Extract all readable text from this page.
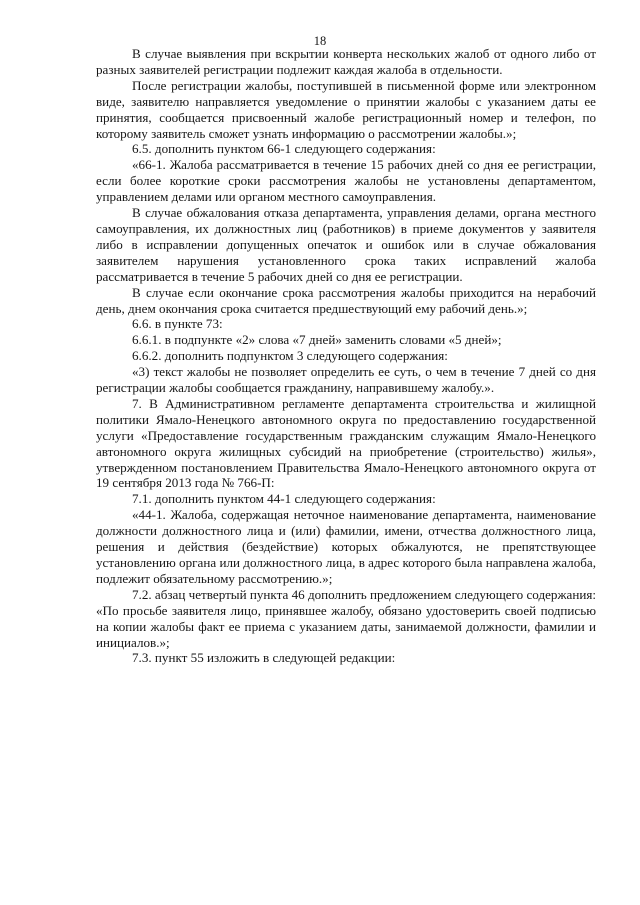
18

В случае выявления при вскрытии конверта нескольких жалоб от одного либо от разных заявителей регистрации подлежит каждая жалоба в отдельности.

После регистрации жалобы, поступившей в письменной форме или электронном виде, заявителю направляется уведомление о принятии жалобы с указанием даты ее принятия, сообщается присвоенный жалобе регистрационный номер и телефон, по которому заявитель сможет узнать информацию о рассмотрении жалобы.»;

6.5. дополнить пунктом 66-1 следующего содержания:

«66-1. Жалоба рассматривается в течение 15 рабочих дней со дня ее регистрации, если более короткие сроки рассмотрения жалобы не установлены департаментом, управлением делами или органом местного самоуправления.

В случае обжалования отказа департамента, управления делами, органа местного самоуправления, их должностных лиц (работников) в приеме документов у заявителя либо в исправлении допущенных опечаток и ошибок или в случае обжалования заявителем нарушения установленного срока таких исправлений жалоба рассматривается в течение 5 рабочих дней со дня ее регистрации.

В случае если окончание срока рассмотрения жалобы приходится на нерабочий день, днем окончания срока считается предшествующий ему рабочий день.»;

6.6. в пункте 73:

6.6.1. в подпункте «2» слова «7 дней» заменить словами «5 дней»;

6.6.2. дополнить подпунктом 3 следующего содержания:

«3) текст жалобы не позволяет определить ее суть, о чем в течение 7 дней со дня регистрации жалобы сообщается гражданину, направившему жалобу.».

7. В Административном регламенте департамента строительства и жилищной политики Ямало-Ненецкого автономного округа по предоставлению государственной услуги «Предоставление государственным гражданским служащим Ямало-Ненецкого автономного округа жилищных субсидий на приобретение (строительство) жилья», утвержденном постановлением Правительства Ямало-Ненецкого автономного округа от 19 сентября 2013 года № 766-П:

7.1. дополнить пунктом 44-1 следующего содержания:

«44-1. Жалоба, содержащая неточное наименование департамента, наименование должности должностного лица и (или) фамилии, имени, отчества должностного лица, решения и действия (бездействие) которых обжалуются, не препятствующее установлению органа или должностного лица, в адрес которого была направлена жалоба, подлежит обязательному рассмотрению.»;

7.2. абзац четвертый пункта 46 дополнить предложением следующего содержания: «По просьбе заявителя лицо, принявшее жалобу, обязано удостоверить своей подписью на копии жалобы факт ее приема с указанием даты, занимаемой должности, фамилии и инициалов.»;

7.3. пункт 55 изложить в следующей редакции:
